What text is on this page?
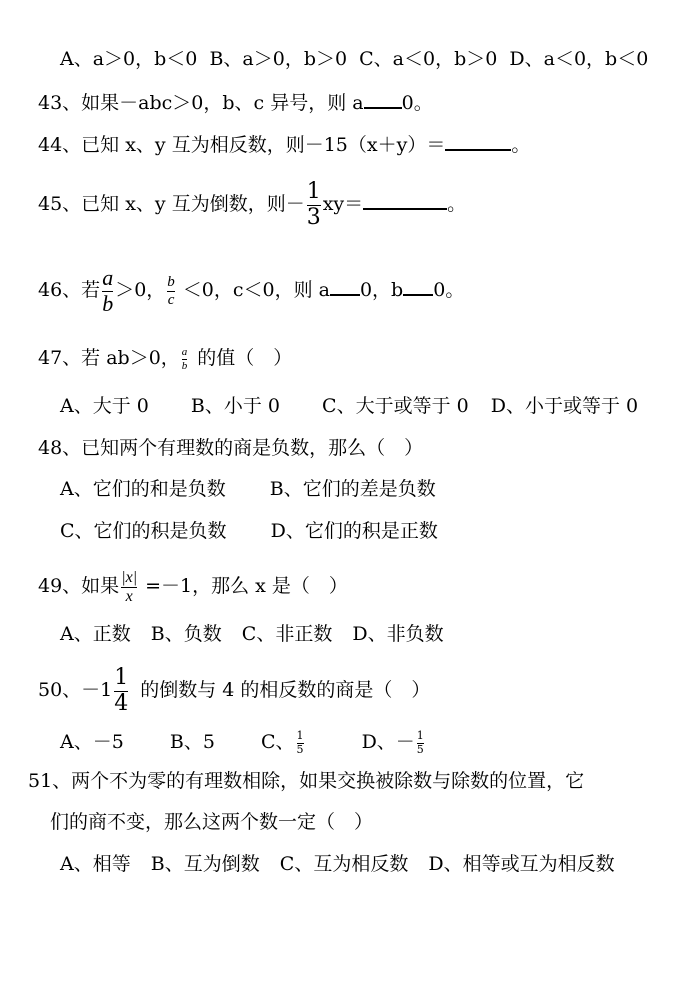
A、a＞0，b＜0 B、a＞0，b＞0 C、a＜0，b＞0 D、a＜0，b＜0
43、如果－abc＞0，b、c 异号，则 a 0。
44、已知 x、y 互为相反数，则－15（x＋y）＝	。
45、已知 x、y 互为倒数，则－ $\frac{1}{3} xy=$	。
46、若 $\frac{a}{b} >0$， $\frac{b}{c} <0$，c＜0，则 a 0，b 0。
47、若 ab＞0， $\frac{a}{b}$ 的值（　）
A、大于 0 B、小于 0 C、大于或等于 0 D、小于或等于 0
48、已知两个有理数的商是负数，那么（　）
A、它们的和是负数 B、它们的差是负数
C、它们的积是负数 D、它们的积是正数
49、如果 $\frac{|x|}{x} =-1$，那么 x 是（　）
A、正数 B、负数 C、非正数 D、非负数
50、$-1 \frac{1}{4}$ 的倒数与 4 的相反数的商是（　）
A、－5 B、5 C、 $\frac{1}{5}$	D、－ $\frac{1}{5}$
51、两个不为零的有理数相除，如果交换被除数与除数的位置，它
们的商不变，那么这两个数一定（　）
A、相等 B、互为倒数 C、互为相反数 D、相等或互为相反数
